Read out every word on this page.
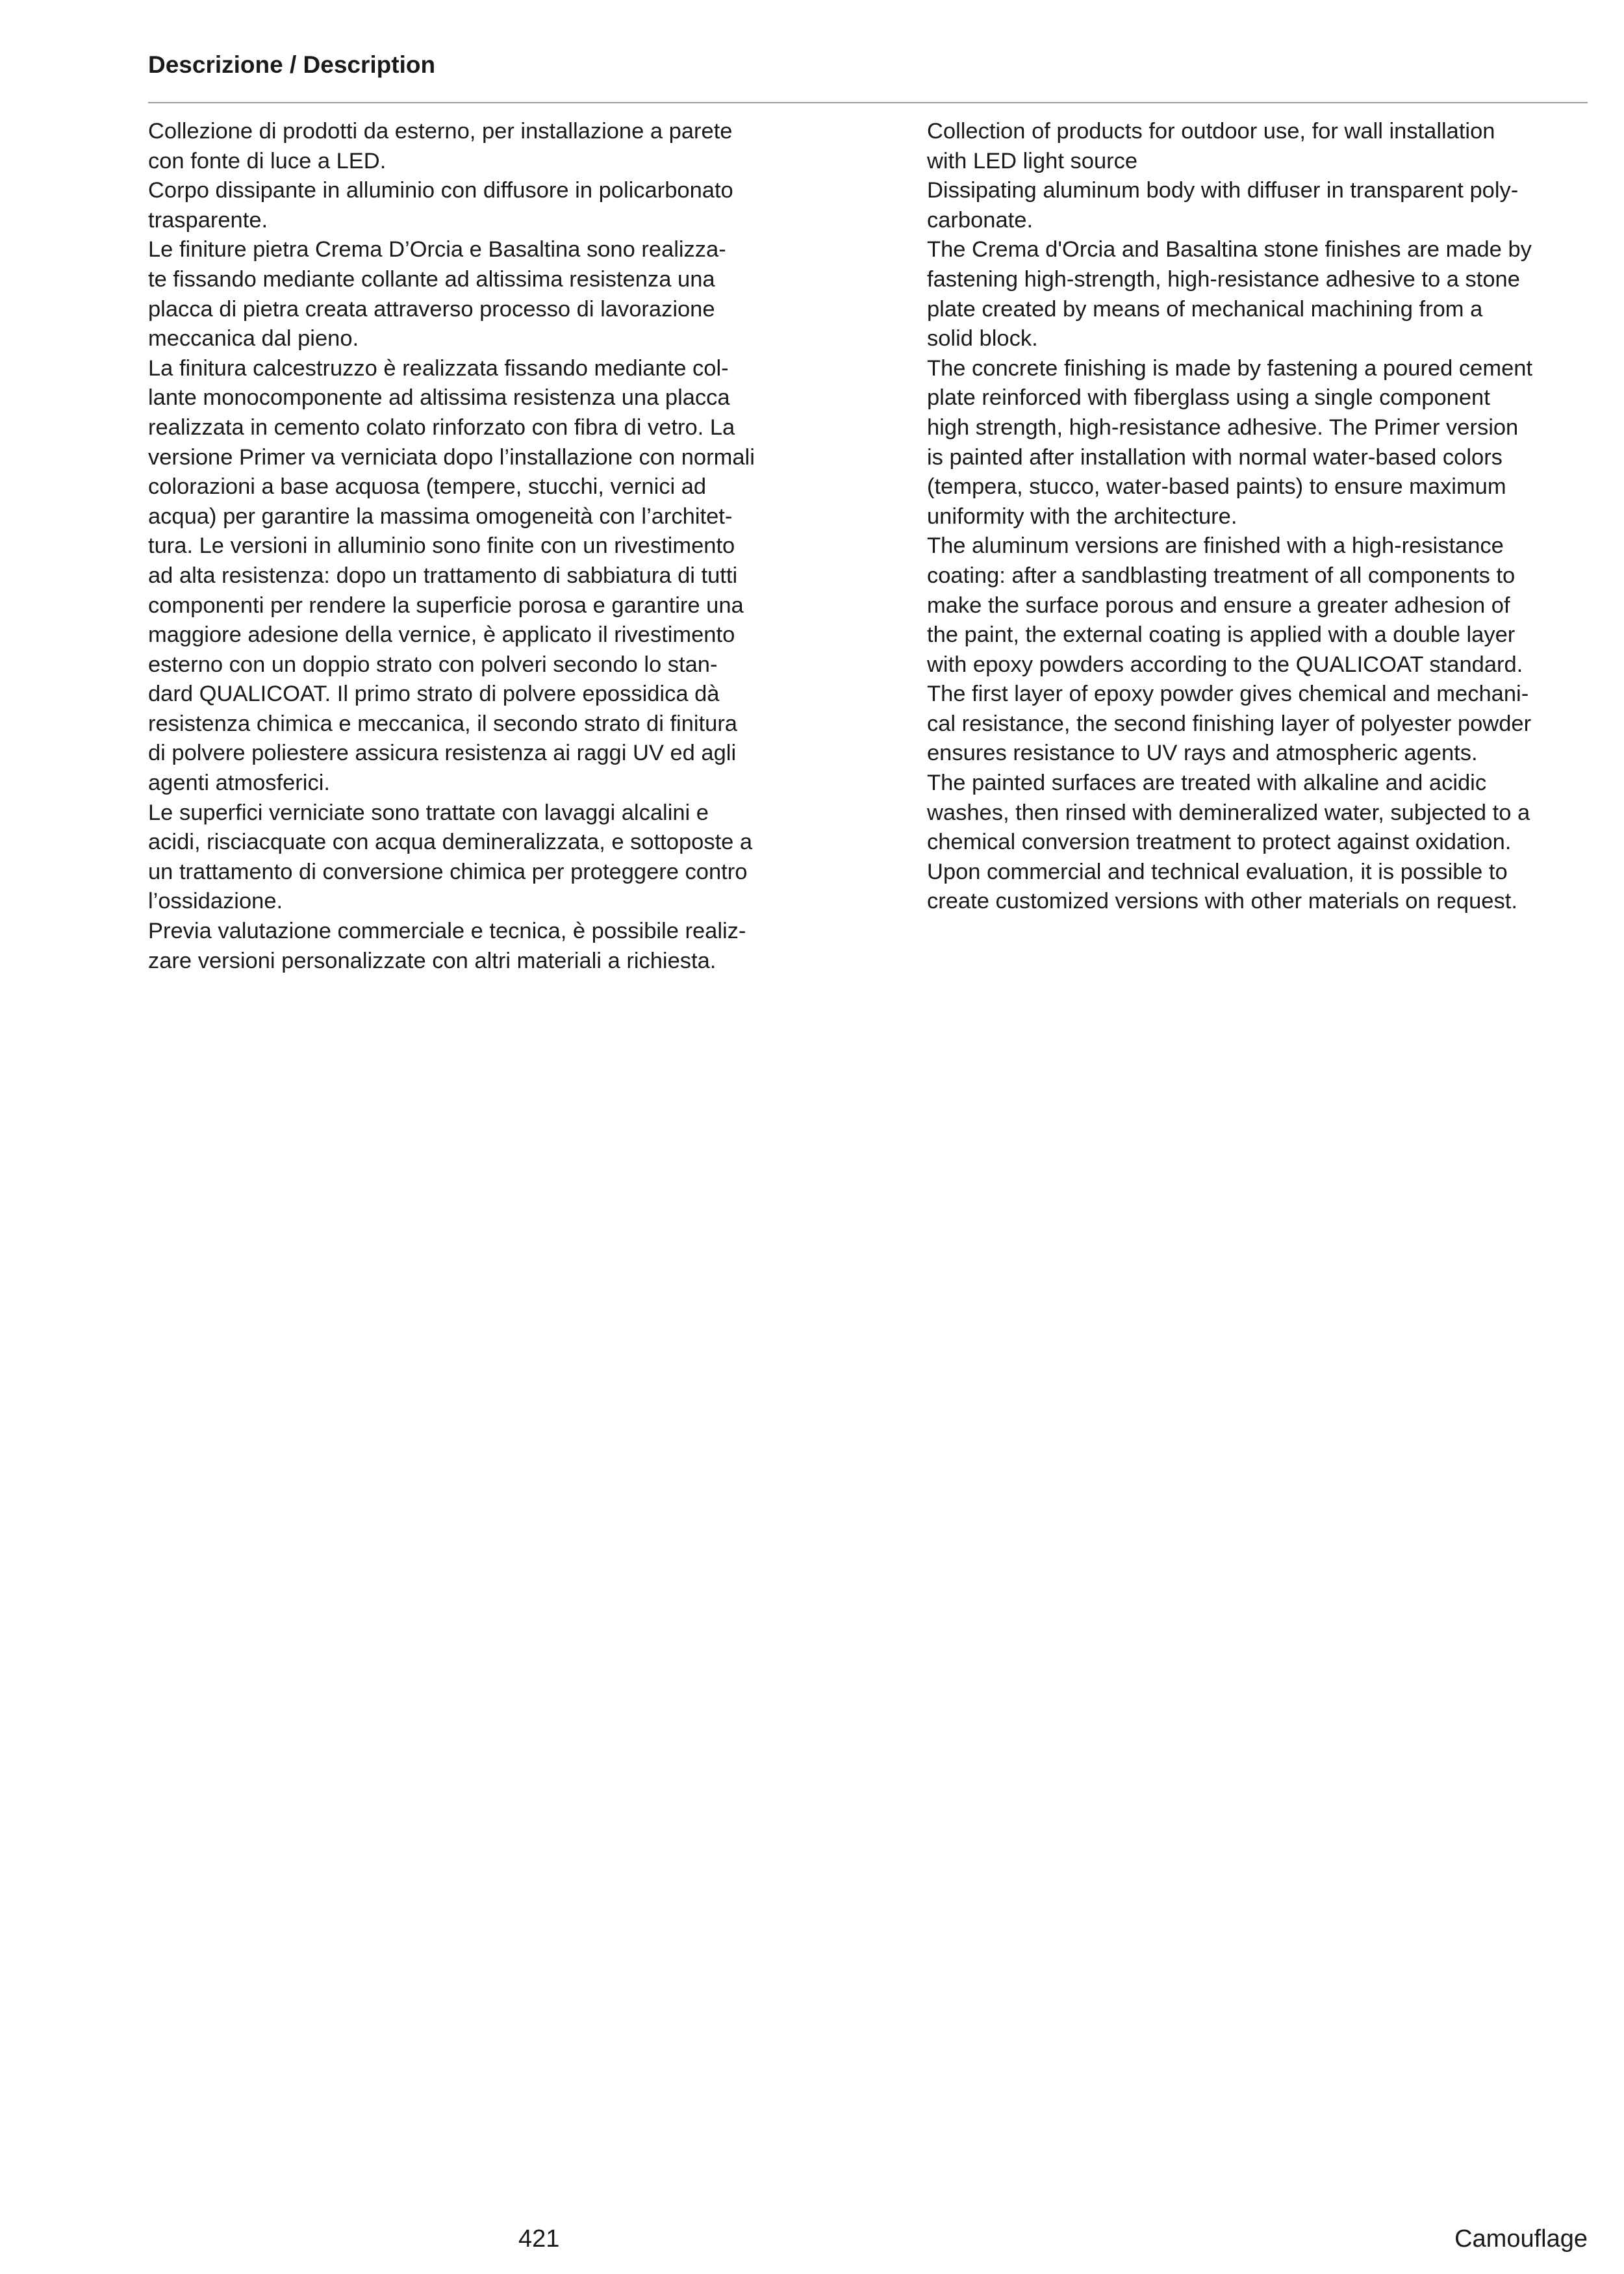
Descrizione / Description
Collezione di prodotti da esterno, per installazione a parete
con fonte di luce a LED.
Corpo dissipante in alluminio con diffusore in policarbonato
trasparente.
Le finiture pietra Crema D’Orcia e Basaltina sono realizza-
te fissando mediante collante ad altissima resistenza una
placca di pietra creata attraverso processo di lavorazione
meccanica dal pieno.
La finitura calcestruzzo è realizzata fissando mediante col-
lante monocomponente ad altissima resistenza una placca
realizzata in cemento colato rinforzato con fibra di vetro. La
versione Primer va verniciata dopo l’installazione con normali
colorazioni a base acquosa (tempere, stucchi, vernici ad
acqua) per garantire la massima omogeneità con l’architet-
tura. Le versioni in alluminio sono finite con un rivestimento
ad alta resistenza: dopo un trattamento di sabbiatura di tutti
componenti per rendere la superficie porosa e garantire una
maggiore adesione della vernice, è applicato il rivestimento
esterno con un doppio strato con polveri secondo lo stan-
dard QUALICOAT. Il primo strato di polvere epossidica dà
resistenza chimica e meccanica, il secondo strato di finitura
di polvere poliestere assicura resistenza ai raggi UV ed agli
agenti atmosferici.
Le superfici verniciate sono trattate con lavaggi alcalini e
acidi, risciacquate con acqua demineralizzata, e sottoposte a
un trattamento di conversione chimica per proteggere contro
l’ossidazione.
Previa valutazione commerciale e tecnica, è possibile realiz-
zare versioni personalizzate con altri materiali a richiesta.
Collection of products for outdoor use, for wall installation
with LED light source
Dissipating aluminum body with diffuser in transparent poly-
carbonate.
The Crema d'Orcia and Basaltina stone finishes are made by
fastening high-strength, high-resistance adhesive to a stone
plate created by means of mechanical machining from a
solid block.
The concrete finishing is made by fastening a poured cement
plate reinforced with fiberglass using a single component
high strength, high-resistance adhesive. The Primer version
is painted after installation with normal water-based colors
(tempera, stucco, water-based paints) to ensure maximum
uniformity with the architecture.
The aluminum versions are finished with a high-resistance
coating: after a sandblasting treatment of all components to
make the surface porous and ensure a greater adhesion of
the paint, the external coating is applied with a double layer
with epoxy powders according to the QUALICOAT standard.
The first layer of epoxy powder gives chemical and mechani-
cal resistance, the second finishing layer of polyester powder
ensures resistance to UV rays and atmospheric agents.
The painted surfaces are treated with alkaline and acidic
washes, then rinsed with demineralized water, subjected to a
chemical conversion treatment to protect against oxidation.
Upon commercial and technical evaluation, it is possible to
create customized versions with other materials on request.
421	Camouflage
